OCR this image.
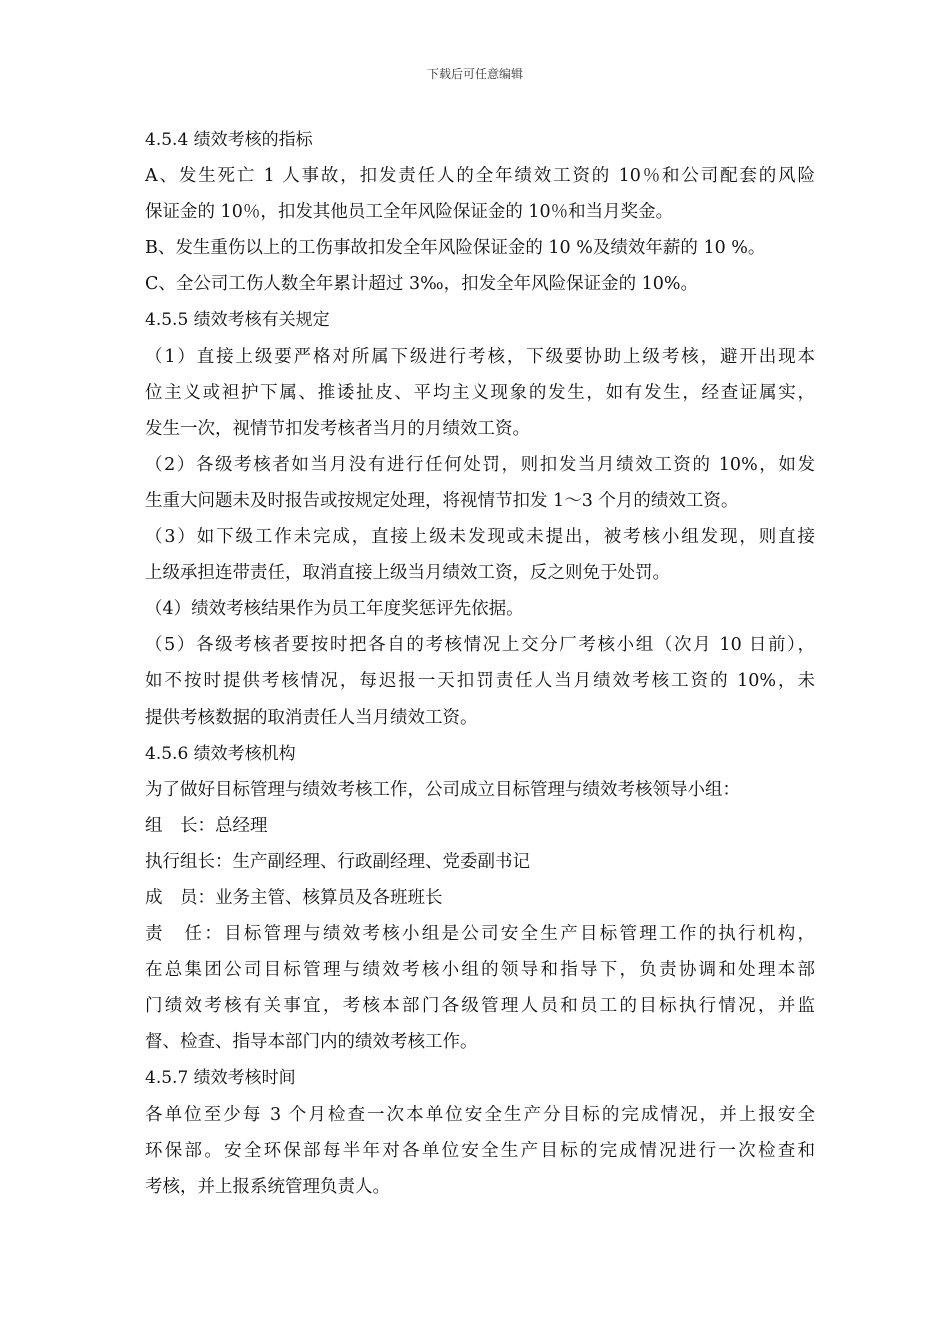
下载后可任意编辑
4.5.4 绩效考核的指标
A、发生死亡 1 人事故，扣发责任人的全年绩效工资的 10％和公司配套的风险
保证金的 10％，扣发其他员工全年风险保证金的 10％和当月奖金。
B、发生重伤以上的工伤事故扣发全年风险保证金的 10 %及绩效年薪的 10 %。
C、全公司工伤人数全年累计超过 3‰，扣发全年风险保证金的 10%。
4.5.5 绩效考核有关规定
（1）直接上级要严格对所属下级进行考核，下级要协助上级考核，避开出现本
位主义或袒护下属、推诿扯皮、平均主义现象的发生，如有发生，经查证属实，
发生一次，视情节扣发考核者当月的月绩效工资。
（2）各级考核者如当月没有进行任何处罚，则扣发当月绩效工资的 10%，如发
生重大问题未及时报告或按规定处理，将视情节扣发 1～3 个月的绩效工资。
（3）如下级工作未完成，直接上级未发现或未提出，被考核小组发现，则直接
上级承担连带责任，取消直接上级当月绩效工资，反之则免于处罚。
（4）绩效考核结果作为员工年度奖惩评先依据。
（5）各级考核者要按时把各自的考核情况上交分厂考核小组（次月 10 日前），
如不按时提供考核情况，每迟报一天扣罚责任人当月绩效考核工资的 10%，未
提供考核数据的取消责任人当月绩效工资。
4.5.6 绩效考核机构
为了做好目标管理与绩效考核工作，公司成立目标管理与绩效考核领导小组：
组　长：总经理
执行组长：生产副经理、行政副经理、党委副书记
成　员：业务主管、核算员及各班班长
责　任：目标管理与绩效考核小组是公司安全生产目标管理工作的执行机构，
在总集团公司目标管理与绩效考核小组的领导和指导下，负责协调和处理本部
门绩效考核有关事宜，考核本部门各级管理人员和员工的目标执行情况，并监
督、检查、指导本部门内的绩效考核工作。
4.5.7 绩效考核时间
各单位至少每 3 个月检查一次本单位安全生产分目标的完成情况，并上报安全
环保部。安全环保部每半年对各单位安全生产目标的完成情况进行一次检查和
考核，并上报系统管理负责人。
